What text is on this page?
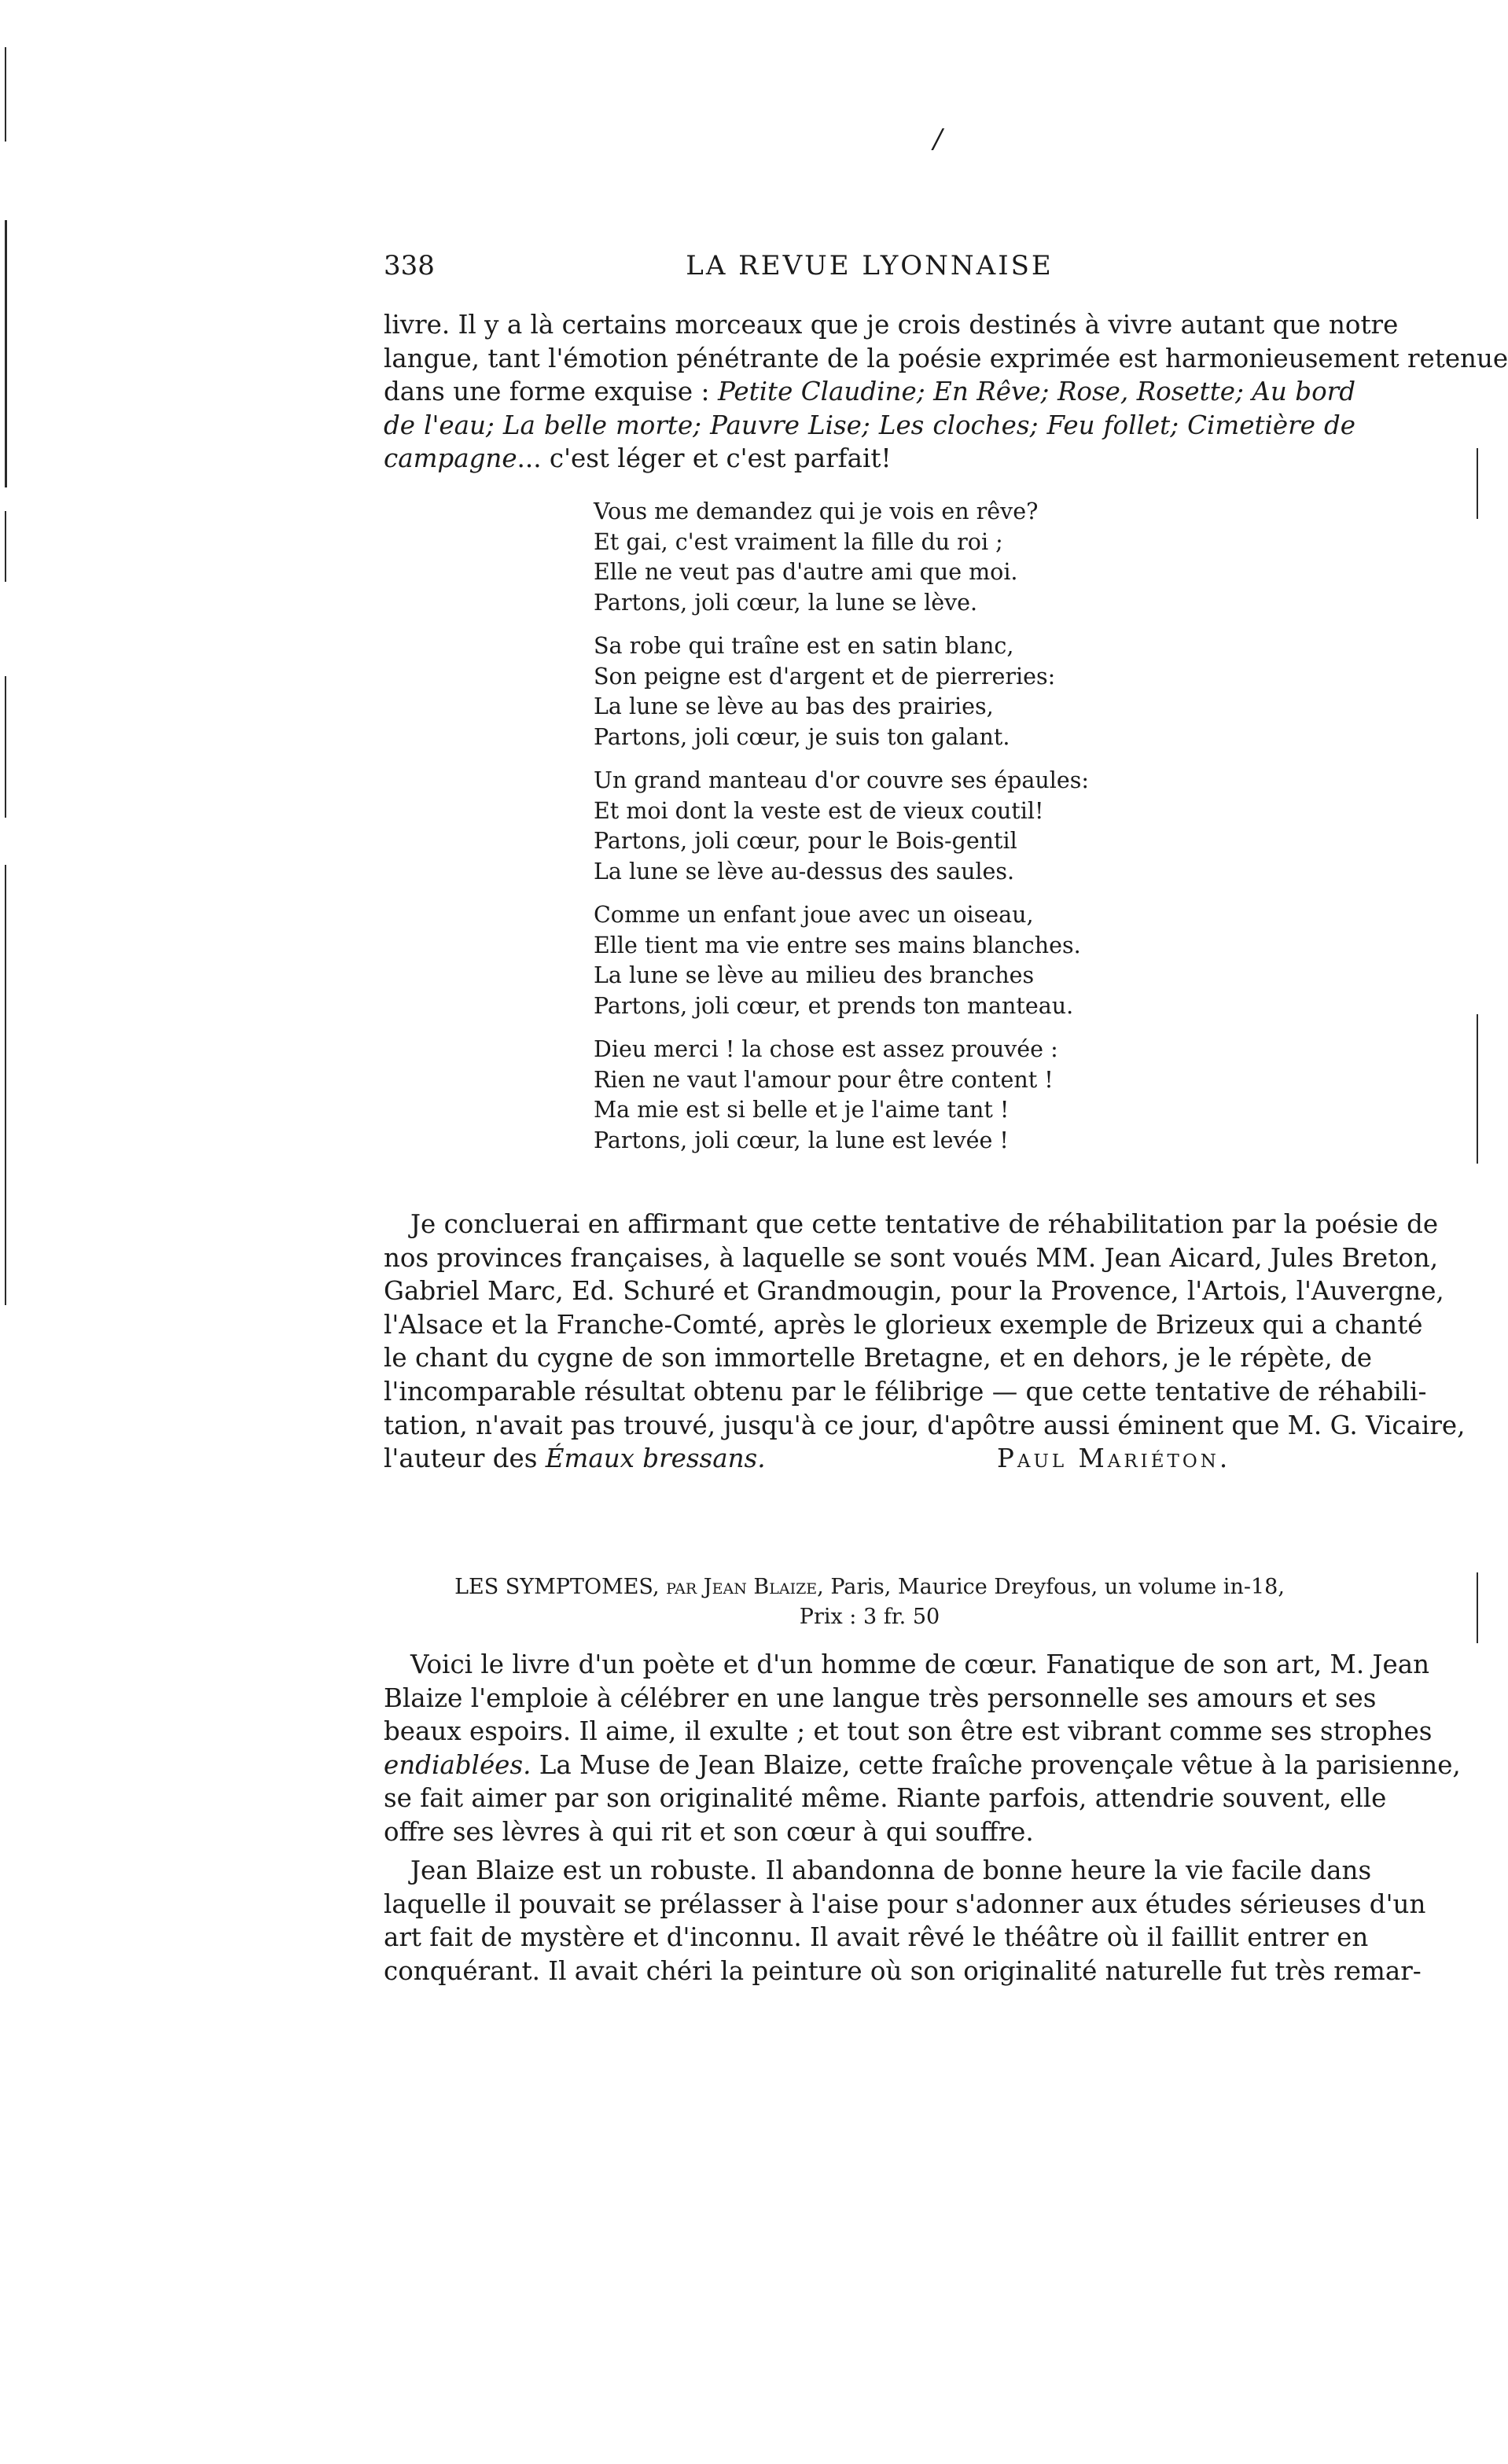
/
338	LA REVUE LYONNAISE
livre. Il y a là certains morceaux que je crois destinés à vivre autant que notre
langue, tant l'émotion pénétrante de la poésie exprimée est harmonieusement retenue
dans une forme exquise : Petite Claudine; En Rêve; Rose, Rosette; Au bord
de l'eau; La belle morte; Pauvre Lise; Les cloches; Feu follet; Cimetière de
campagne... c'est léger et c'est parfait!
Vous me demandez qui je vois en rêve?
Et gai, c'est vraiment la fille du roi ;
Elle ne veut pas d'autre ami que moi.
Partons, joli cœur, la lune se lève.
Sa robe qui traîne est en satin blanc,
Son peigne est d'argent et de pierreries:
La lune se lève au bas des prairies,
Partons, joli cœur, je suis ton galant.
Un grand manteau d'or couvre ses épaules:
Et moi dont la veste est de vieux coutil!
Partons, joli cœur, pour le Bois-gentil
La lune se lève au-dessus des saules.
Comme un enfant joue avec un oiseau,
Elle tient ma vie entre ses mains blanches.
La lune se lève au milieu des branches
Partons, joli cœur, et prends ton manteau.
Dieu merci ! la chose est assez prouvée :
Rien ne vaut l'amour pour être content !
Ma mie est si belle et je l'aime tant !
Partons, joli cœur, la lune est levée !
Je concluerai en affirmant que cette tentative de réhabilitation par la poésie de
nos provinces françaises, à laquelle se sont voués MM. Jean Aicard, Jules Breton,
Gabriel Marc, Ed. Schuré et Grandmougin, pour la Provence, l'Artois, l'Auvergne,
l'Alsace et la Franche-Comté, après le glorieux exemple de Brizeux qui a chanté
le chant du cygne de son immortelle Bretagne, et en dehors, je le répète, de
l'incomparable résultat obtenu par le félibrige — que cette tentative de réhabili-
tation, n'avait pas trouvé, jusqu'à ce jour, d'apôtre aussi éminent que M. G. Vicaire,
l'auteur des Émaux bressans.	Paul Mariéton.
LES SYMPTOMES, par Jean Blaize, Paris, Maurice Dreyfous, un volume in-18,
Prix : 3 fr. 50
Voici le livre d'un poète et d'un homme de cœur. Fanatique de son art, M. Jean
Blaize l'emploie à célébrer en une langue très personnelle ses amours et ses
beaux espoirs. Il aime, il exulte ; et tout son être est vibrant comme ses strophes
endiablées. La Muse de Jean Blaize, cette fraîche provençale vêtue à la parisienne,
se fait aimer par son originalité même. Riante parfois, attendrie souvent, elle
offre ses lèvres à qui rit et son cœur à qui souffre.
Jean Blaize est un robuste. Il abandonna de bonne heure la vie facile dans
laquelle il pouvait se prélasser à l'aise pour s'adonner aux études sérieuses d'un
art fait de mystère et d'inconnu. Il avait rêvé le théâtre où il faillit entrer en
conquérant. Il avait chéri la peinture où son originalité naturelle fut très remar-
